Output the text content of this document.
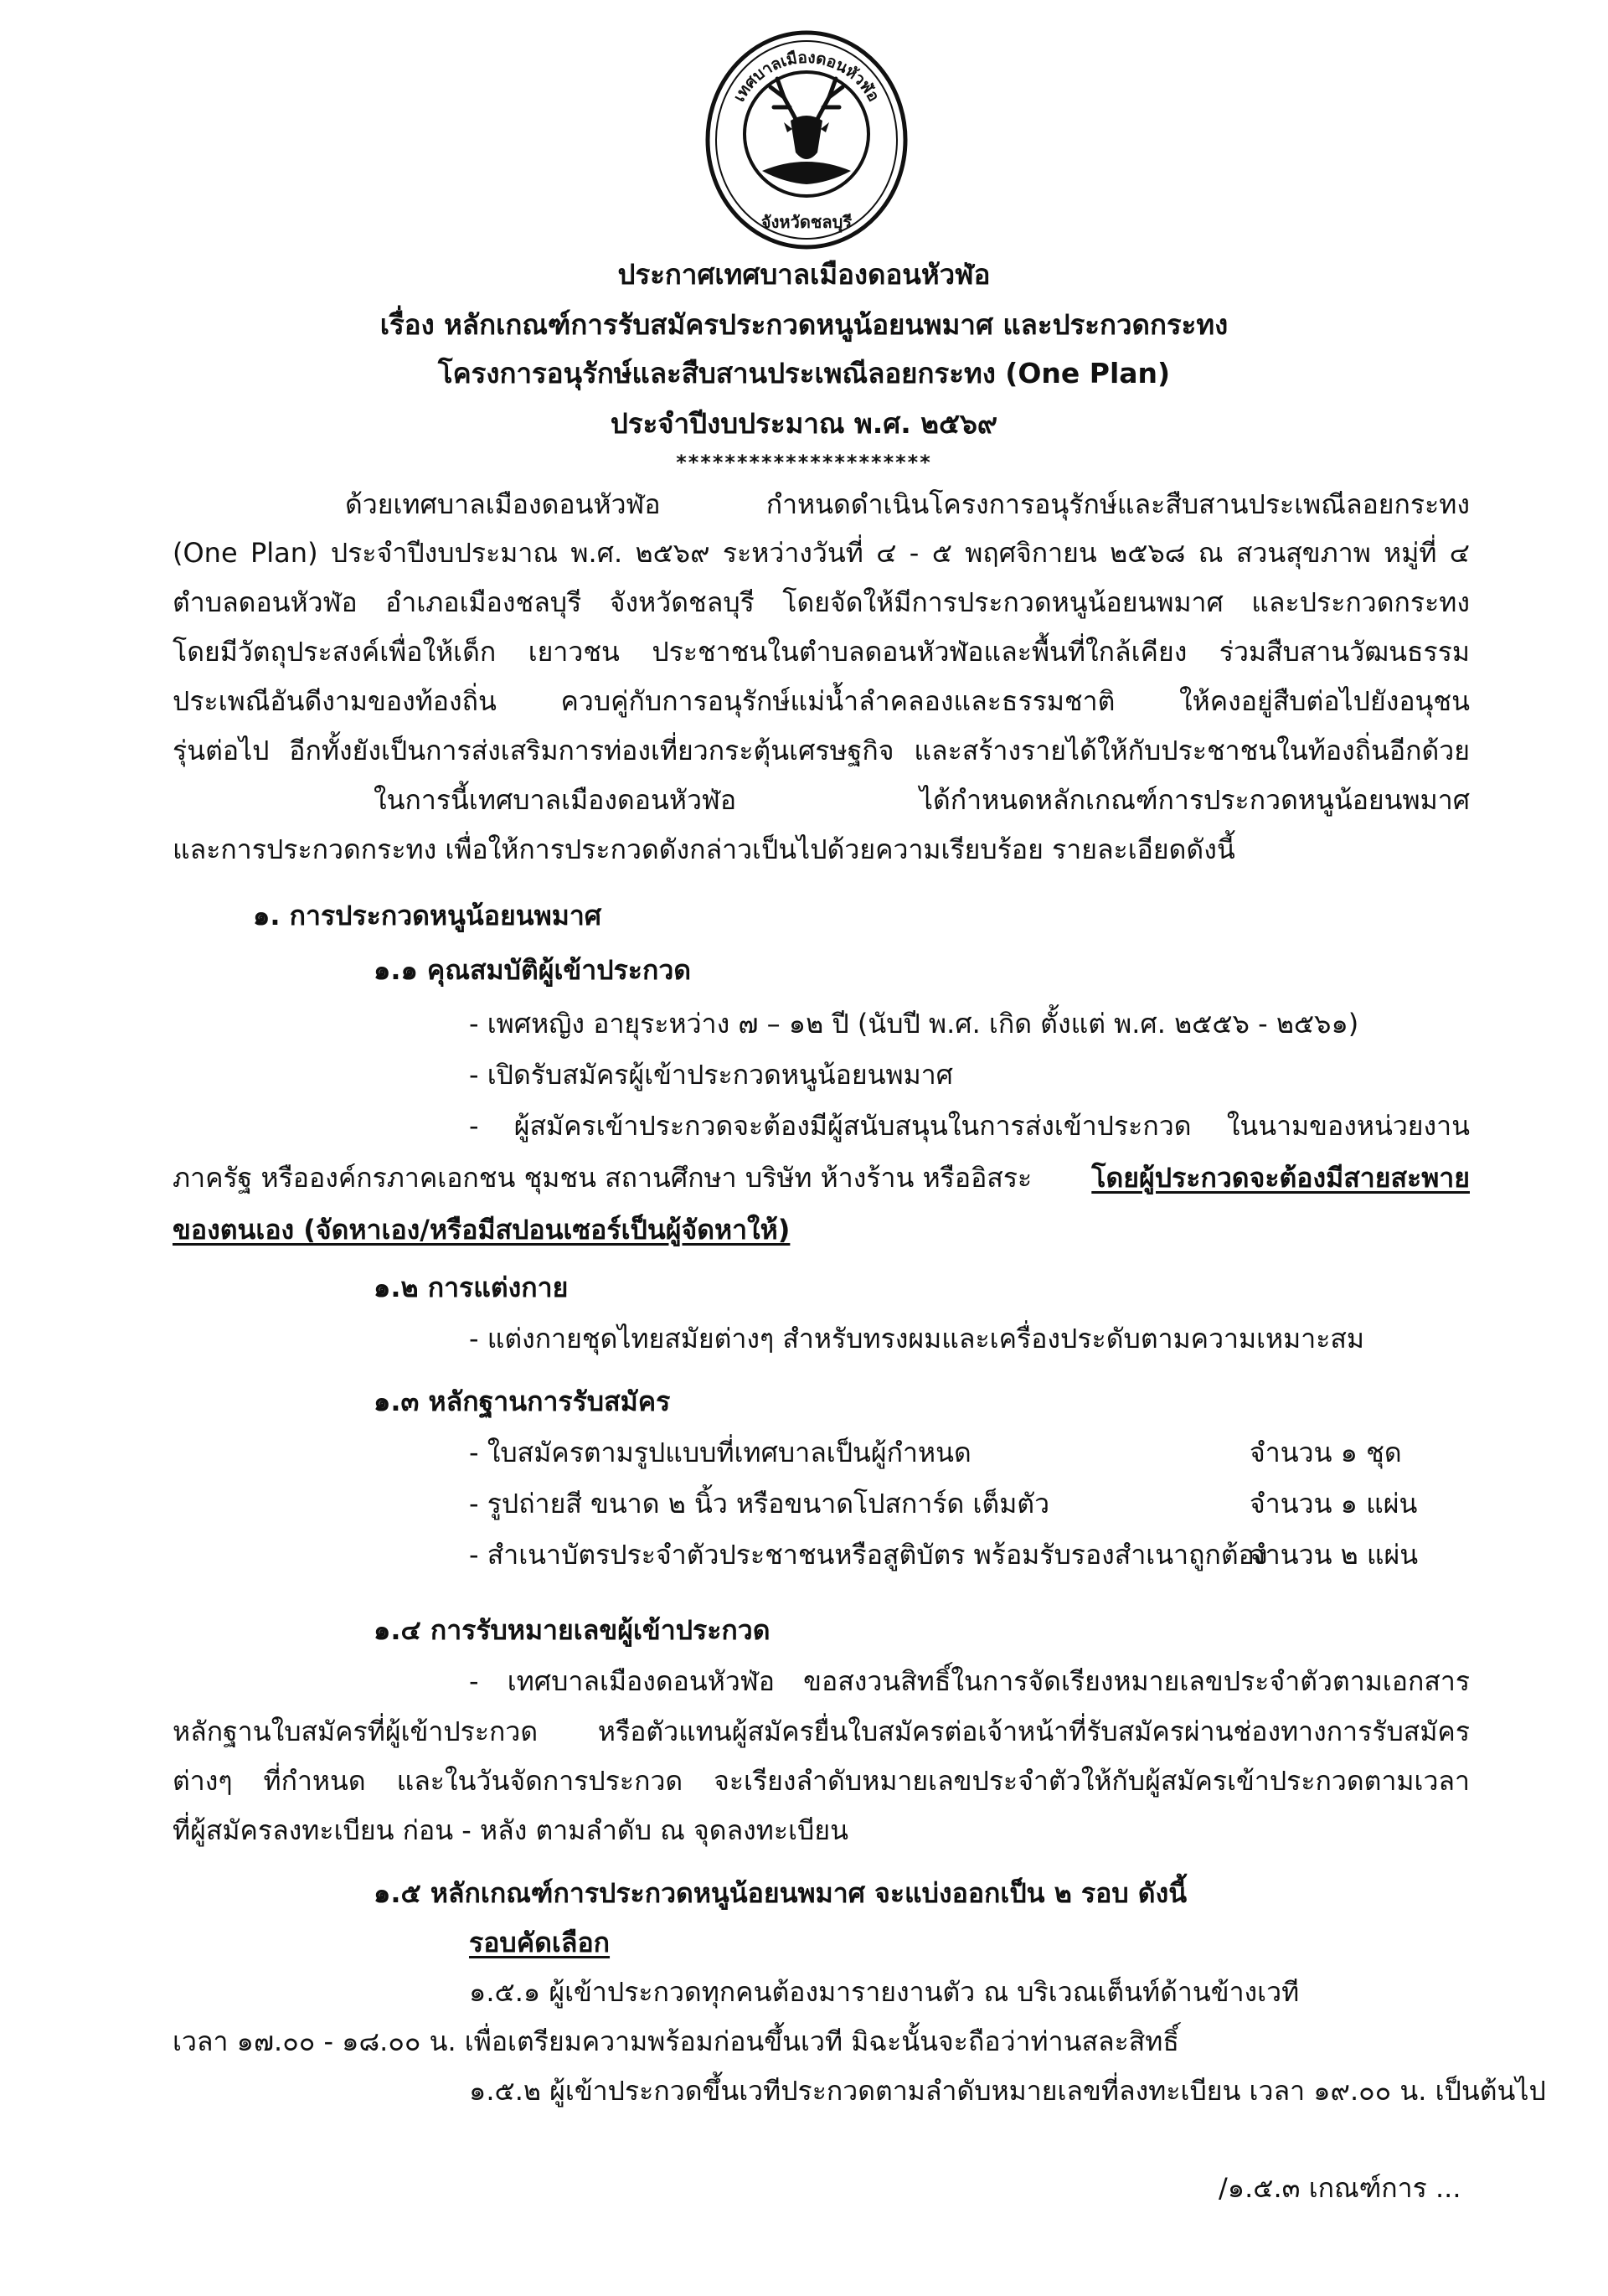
เทศบาลเมืองดอนหัวฬ่อ
จังหวัดชลบุรี
ประกาศเทศบาลเมืองดอนหัวฬ่อ
เรื่อง หลักเกณฑ์การรับสมัครประกวดหนูน้อยนพมาศ และประกวดกระทง
โครงการอนุรักษ์และสืบสานประเพณีลอยกระทง (One Plan)
ประจำปีงบประมาณ พ.ศ. ๒๕๖๙
*********************
ด้วยเทศบาลเมืองดอนหัวฬ่อ กำหนดดำเนินโครงการอนุรักษ์และสืบสานประเพณีลอยกระทง
(One Plan) ประจำปีงบประมาณ พ.ศ. ๒๕๖๙ ระหว่างวันที่ ๔ - ๕ พฤศจิกายน ๒๕๖๘ ณ สวนสุขภาพ หมู่ที่ ๔
ตำบลดอนหัวฬ่อ อำเภอเมืองชลบุรี จังหวัดชลบุรี โดยจัดให้มีการประกวดหนูน้อยนพมาศ และประกวดกระทง
โดยมีวัตถุประสงค์เพื่อให้เด็ก เยาวชน ประชาชนในตำบลดอนหัวฬ่อและพื้นที่ใกล้เคียง ร่วมสืบสานวัฒนธรรม
ประเพณีอันดีงามของท้องถิ่น ควบคู่กับการอนุรักษ์แม่น้ำลำคลองและธรรมชาติ ให้คงอยู่สืบต่อไปยังอนุชน
รุ่นต่อไป อีกทั้งยังเป็นการส่งเสริมการท่องเที่ยวกระตุ้นเศรษฐกิจ และสร้างรายได้ให้กับประชาชนในท้องถิ่นอีกด้วย
ในการนี้เทศบาลเมืองดอนหัวฬ่อ ได้กำหนดหลักเกณฑ์การประกวดหนูน้อยนพมาศ
และการประกวดกระทง เพื่อให้การประกวดดังกล่าวเป็นไปด้วยความเรียบร้อย รายละเอียดดังนี้
๑. การประกวดหนูน้อยนพมาศ
๑.๑ คุณสมบัติผู้เข้าประกวด
- เพศหญิง อายุระหว่าง ๗ – ๑๒ ปี (นับปี พ.ศ. เกิด ตั้งแต่ พ.ศ. ๒๕๕๖ - ๒๕๖๑)
- เปิดรับสมัครผู้เข้าประกวดหนูน้อยนพมาศ
- ผู้สมัครเข้าประกวดจะต้องมีผู้สนับสนุนในการส่งเข้าประกวด ในนามของหน่วยงาน
ภาครัฐ หรือองค์กรภาคเอกชน ชุมชน สถานศึกษา บริษัท ห้างร้าน หรืออิสระ โดยผู้ประกวดจะต้องมีสายสะพาย
ของตนเอง (จัดหาเอง/หรือมีสปอนเซอร์เป็นผู้จัดหาให้)
๑.๒ การแต่งกาย
- แต่งกายชุดไทยสมัยต่างๆ สำหรับทรงผมและเครื่องประดับตามความเหมาะสม
๑.๓ หลักฐานการรับสมัคร
- ใบสมัครตามรูปแบบที่เทศบาลเป็นผู้กำหนด	จำนวน ๑ ชุด
- รูปถ่ายสี ขนาด ๒ นิ้ว หรือขนาดโปสการ์ด เต็มตัว	จำนวน ๑ แผ่น
- สำเนาบัตรประจำตัวประชาชนหรือสูติบัตร พร้อมรับรองสำเนาถูกต้อง
จำนวน ๒ แผ่น
๑.๔ การรับหมายเลขผู้เข้าประกวด
- เทศบาลเมืองดอนหัวฬ่อ ขอสงวนสิทธิ์ในการจัดเรียงหมายเลขประจำตัวตามเอกสาร
หลักฐานใบสมัครที่ผู้เข้าประกวด หรือตัวแทนผู้สมัครยื่นใบสมัครต่อเจ้าหน้าที่รับสมัครผ่านช่องทางการรับสมัคร
ต่างๆ ที่กำหนด และในวันจัดการประกวด จะเรียงลำดับหมายเลขประจำตัวให้กับผู้สมัครเข้าประกวดตามเวลา
ที่ผู้สมัครลงทะเบียน ก่อน - หลัง ตามลำดับ ณ จุดลงทะเบียน
๑.๕ หลักเกณฑ์การประกวดหนูน้อยนพมาศ จะแบ่งออกเป็น ๒ รอบ ดังนี้
รอบคัดเลือก
๑.๕.๑ ผู้เข้าประกวดทุกคนต้องมารายงานตัว ณ บริเวณเต็นท์ด้านข้างเวที
เวลา ๑๗.๐๐ - ๑๘.๐๐ น. เพื่อเตรียมความพร้อมก่อนขึ้นเวที มิฉะนั้นจะถือว่าท่านสละสิทธิ์
๑.๕.๒ ผู้เข้าประกวดขึ้นเวทีประกวดตามลำดับหมายเลขที่ลงทะเบียน เวลา ๑๙.๐๐ น. เป็นต้นไป
/๑.๕.๓ เกณฑ์การ ...
